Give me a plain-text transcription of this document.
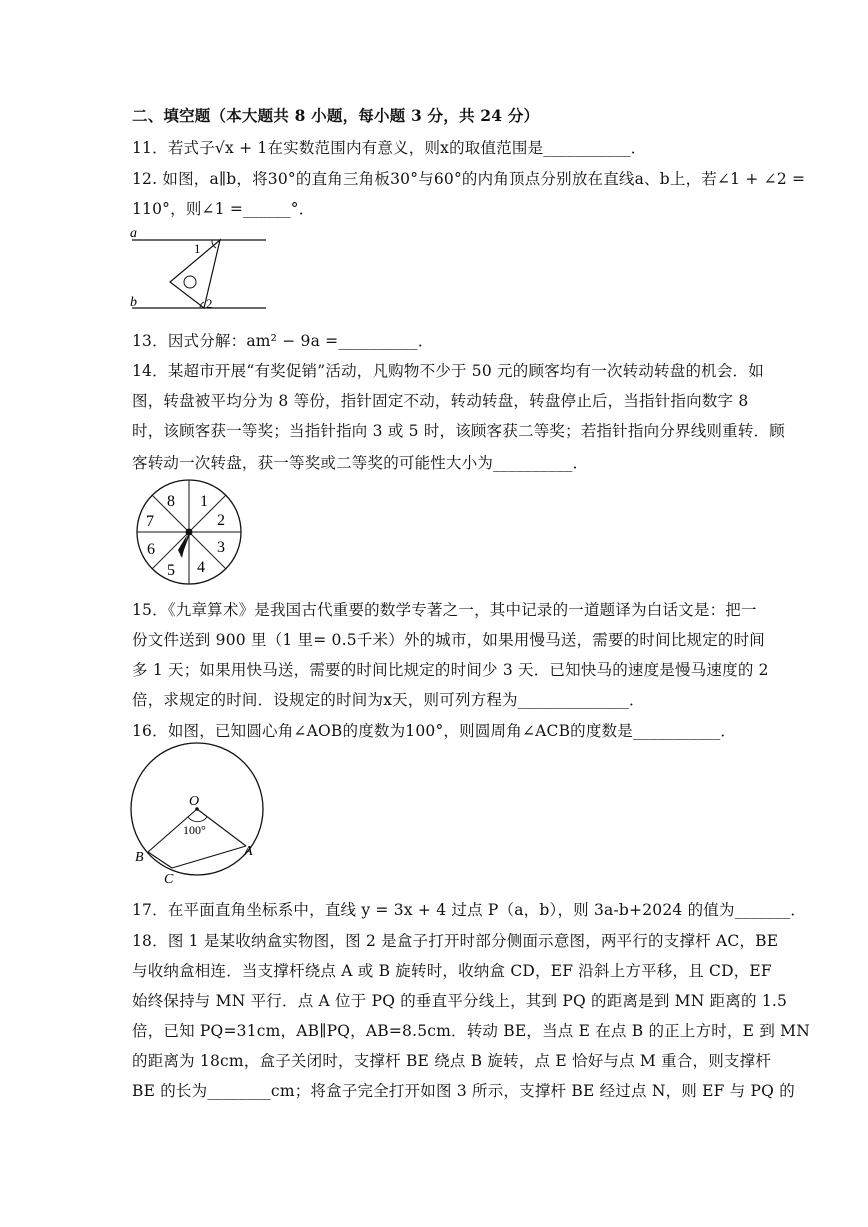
二、填空题（本大题共 8 小题，每小题 3 分，共 24 分）
11．若式子√x + 1在实数范围内有意义，则x的取值范围是___________．
12. 如图，a∥b，将30°的直角三角板30°与60°的内角顶点分别放在直线a、b上，若∠1 + ∠2 =
110°，则∠1 =______°．
a
b
1
2
13．因式分解：am² − 9a =__________．
14．某超市开展“有奖促销”活动，凡购物不少于 50 元的顾客均有一次转动转盘的机会．如
图，转盘被平均分为 8 等份，指针固定不动，转动转盘，转盘停止后，当指针指向数字 8
时，该顾客获一等奖；当指针指向 3 或 5 时，该顾客获二等奖；若指针指向分界线则重转．顾
客转动一次转盘，获一等奖或二等奖的可能性大小为__________．
1
2
3
4
5
6
7
8
15．《九章算术》是我国古代重要的数学专著之一，其中记录的一道题译为白话文是：把一
份文件送到 900 里（1 里= 0.5千米）外的城市，如果用慢马送，需要的时间比规定的时间
多 1 天；如果用快马送，需要的时间比规定的时间少 3 天．已知快马的速度是慢马速度的 2
倍，求规定的时间．设规定的时间为x天，则可列方程为______________．
16．如图，已知圆心角∠AOB的度数为100°，则圆周角∠ACB的度数是___________．
O
A
B
C
100°
17．在平面直角坐标系中，直线 y = 3x + 4 过点 P（a，b），则 3a-b+2024 的值为_______．
18．图 1 是某收纳盒实物图，图 2 是盒子打开时部分侧面示意图，两平行的支撑杆 AC，BE
与收纳盒相连．当支撑杆绕点 A 或 B 旋转时，收纳盒 CD，EF 沿斜上方平移，且 CD，EF
始终保持与 MN 平行．点 A 位于 PQ 的垂直平分线上，其到 PQ 的距离是到 MN 距离的 1.5
倍，已知 PQ=31cm，AB∥PQ，AB=8.5cm．转动 BE，当点 E 在点 B 的正上方时，E 到 MN
的距离为 18cm，盒子关闭时，支撑杆 BE 绕点 B 旋转，点 E 恰好与点 M 重合，则支撑杆
BE 的长为________cm；将盒子完全打开如图 3 所示，支撑杆 BE 经过点 N，则 EF 与 PQ 的
